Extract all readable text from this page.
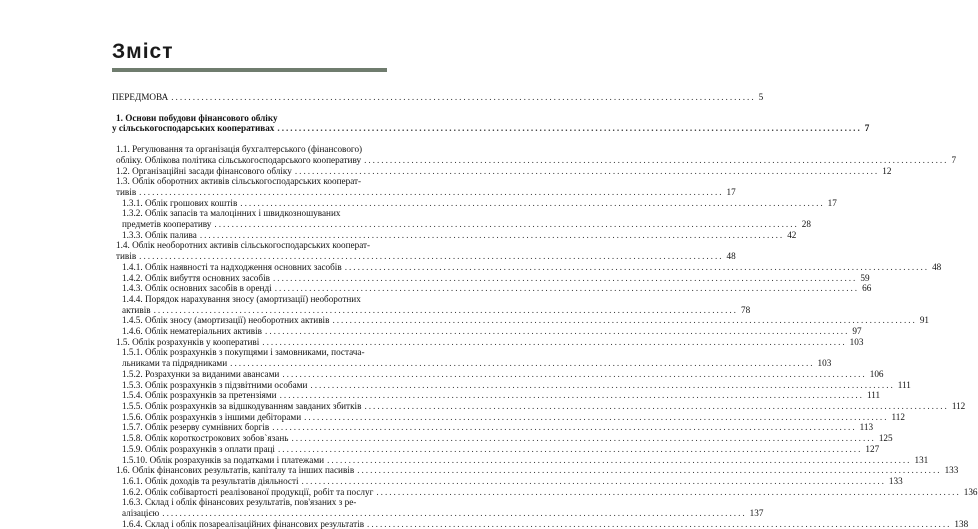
Зміст
ПЕРЕДМОВА .....	5
1. Основи побудови фінансового обліку
у сільськогосподарських кооперативах .....	7
1.1. Регулювання та організація бухгалтерського (фінансового)
обліку. Облікова політика сільськогосподарського кооперативу .....	7
1.2. Організаційні засади фінансового обліку .....	12
1.3. Облік оборотних активів сільськогосподарських кооперат-
тивів .....	17
1.3.1. Облік грошових коштів .....	17
1.3.2. Облік запасів та малоцінних і швидкозношуваних
предметів кооперативу .....	28
1.3.3. Облік палива .....	42
1.4. Облік необоротних активів сільськогосподарських кооперат-
тивів .....	48
1.4.1. Облік наявності та надходження основних засобів .....	48
1.4.2. Облік вибуття основних засобів .....	59
1.4.3. Облік основних засобів в оренді .....	66
1.4.4. Порядок нарахування зносу (амортизації) необоротних
активів .....	78
1.4.5. Облік зносу (амортизації) необоротних активів .....	91
1.4.6. Облік нематеріальних активів .....	97
1.5. Облік розрахунків у кооперативі .....	103
1.5.1. Облік розрахунків з покупцями і замовниками, постача-
льниками та підрядниками .....	103
1.5.2. Розрахунки за виданими авансами .....	106
1.5.3. Облік розрахунків з підзвітними особами .....	111
1.5.4. Облік розрахунків за претензіями .....	111
1.5.5. Облік розрахунків за відшкодуванням завданих збитків .....	112
1.5.6. Облік розрахунків з іншими дебіторами .....	112
1.5.7. Облік резерву сумнівних боргів .....	113
1.5.8. Облік короткострокових зобов`язань .....	125
1.5.9. Облік розрахунків з оплати праці .....	127
1.5.10. Облік розрахунків за податками і платежами .....	131
1.6. Облік фінансових результатів, капіталу та інших пасивів .....	133
1.6.1. Облік доходів та результатів діяльності .....	133
1.6.2. Облік собівартості реалізованої продукції, робіт та послуг .....	136
1.6.3. Склад і облік фінансових результатів, пов'язаних з ре-
алізацією .....	137
1.6.4. Склад і облік позареалізаційних фінансових результатів .....	138
